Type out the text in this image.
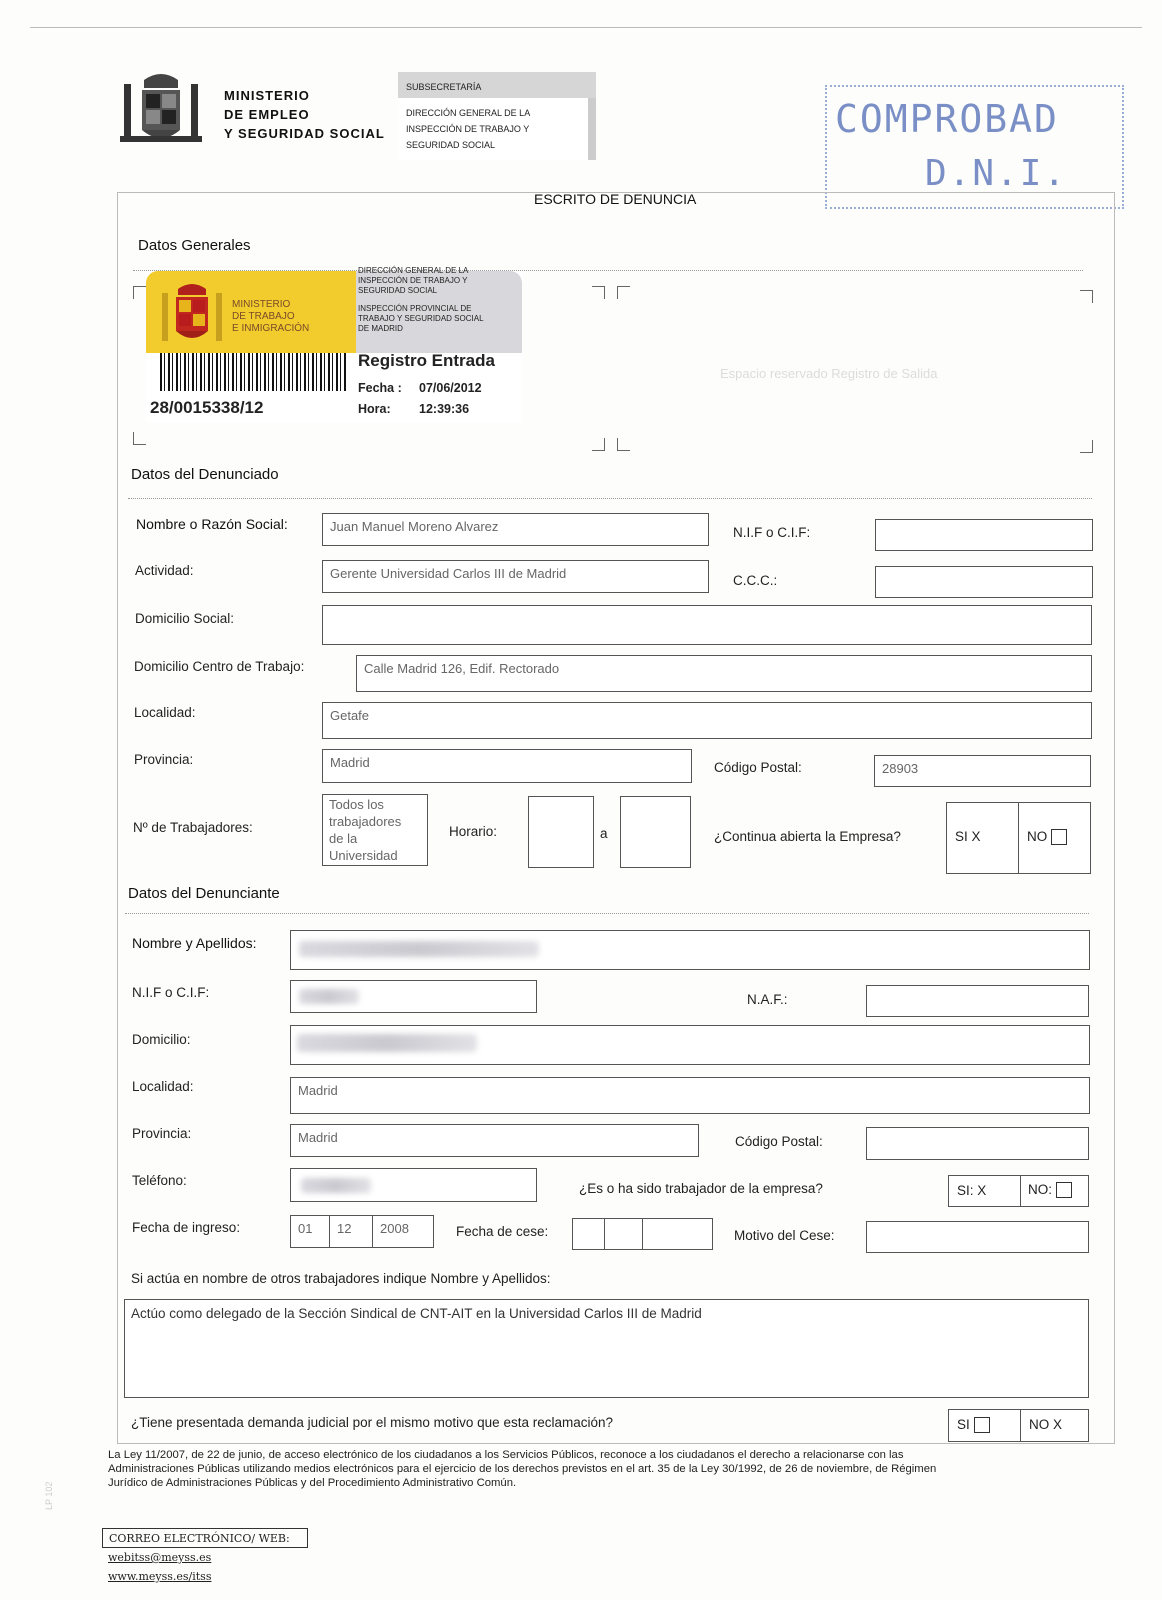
MINISTERIO
DE EMPLEO
Y SEGURIDAD SOCIAL
SUBSECRETARÍA
DIRECCIÓN GENERAL DE LA
INSPECCIÓN DE TRABAJO Y
SEGURIDAD SOCIAL
COMPROBAD
D.N.I.
ESCRITO DE DENUNCIA
Datos Generales
MINISTERIO
DE TRABAJO
E INMIGRACIÓN
DIRECCIÓN GENERAL DE LA
INSPECCIÓN DE TRABAJO Y
SEGURIDAD SOCIAL
INSPECCIÓN PROVINCIAL DE
TRABAJO Y SEGURIDAD SOCIAL
DE MADRID
28/0015338/12
Registro Entrada
Fecha : 07/06/2012
Hora: 12:39:36
Espacio reservado Registro de Salida
Datos del Denunciado
Nombre o Razón Social:	Juan Manuel Moreno Alvarez	N.I.F o C.I.F:
Actividad:	Gerente Universidad Carlos III de Madrid	C.C.C.:
Domicilio Social:
Domicilio Centro de Trabajo:	Calle Madrid 126, Edif. Rectorado
Localidad:	Getafe
Provincia:	Madrid	Código Postal:	28903
Nº de Trabajadores:
Todos los
trabajadores
de la
Universidad
Horario:	a	¿Continua abierta la Empresa?	SI X	NO
Datos del Denunciante
Nombre y Apellidos:
N.I.F o C.I.F:	N.A.F.:
Domicilio:
Localidad:	Madrid
Provincia:	Madrid	Código Postal:
Teléfono:
¿Es o ha sido trabajador de la empresa?	SI: X	NO:
Fecha de ingreso:	01 12 2008	Fecha de cese:	Motivo del Cese:
Si actúa en nombre de otros trabajadores indique Nombre y Apellidos:
Actúo como delegado de la Sección Sindical de CNT-AIT en la Universidad Carlos III de Madrid
¿Tiene presentada demanda judicial por el mismo motivo que esta reclamación?	SI	NO X
La Ley 11/2007, de 22 de junio, de acceso electrónico de los ciudadanos a los Servicios Públicos, reconoce a los ciudadanos el derecho a relacionarse con las
Administraciones Públicas utilizando medios electrónicos para el ejercicio de los derechos previstos en el art. 35 de la Ley 30/1992, de 26 de noviembre, de Régimen
Jurídico de Administraciones Públicas y del Procedimiento Administrativo Común.
LP 102
CORREO ELECTRÓNICO/ WEB:
webitss@meyss.es
www.meyss.es/itss
